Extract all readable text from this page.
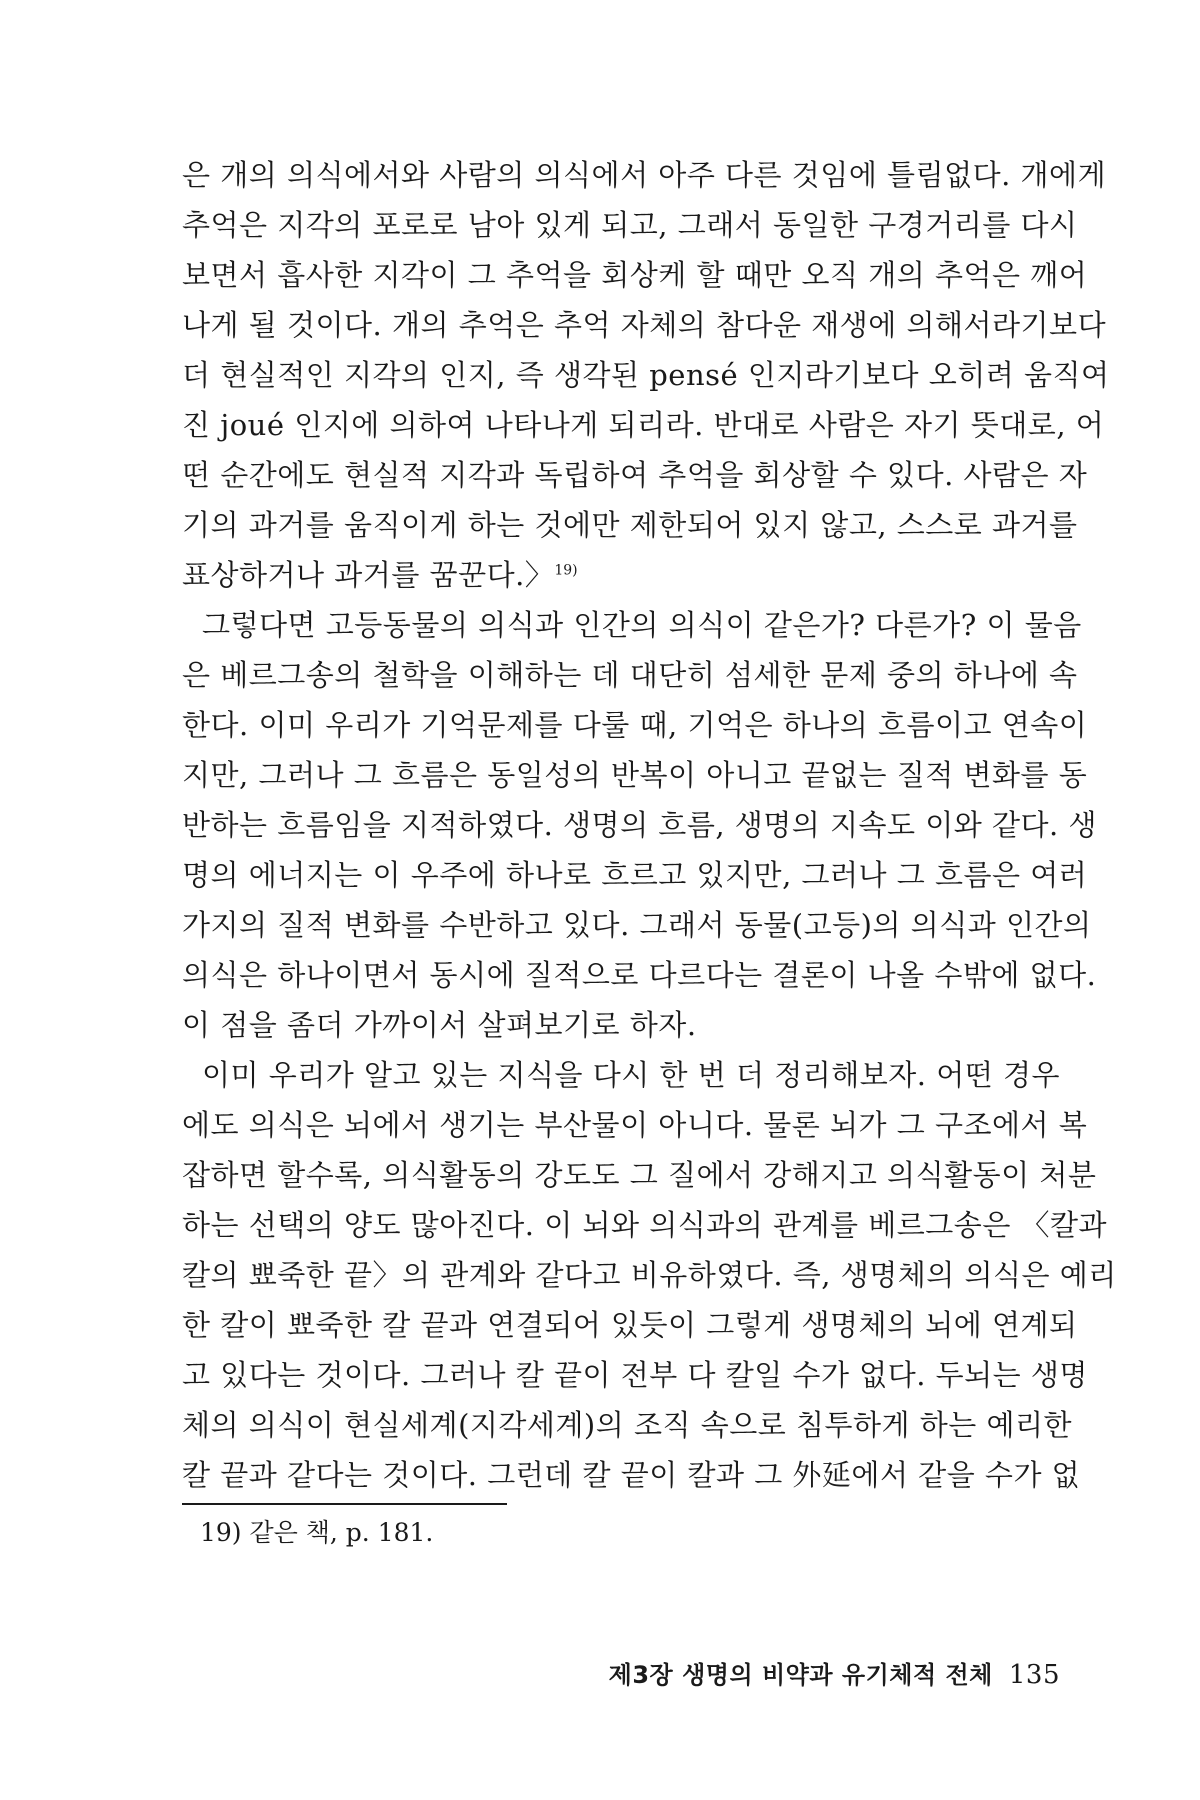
은 개의 의식에서와 사람의 의식에서 아주 다른 것임에 틀림없다. 개에게
추억은 지각의 포로로 남아 있게 되고, 그래서 동일한 구경거리를 다시
보면서 흡사한 지각이 그 추억을 회상케 할 때만 오직 개의 추억은 깨어
나게 될 것이다. 개의 추억은 추억 자체의 참다운 재생에 의해서라기보다
더 현실적인 지각의 인지, 즉 생각된 pensé 인지라기보다 오히려 움직여
진 joué 인지에 의하여 나타나게 되리라. 반대로 사람은 자기 뜻대로, 어
떤 순간에도 현실적 지각과 독립하여 추억을 회상할 수 있다. 사람은 자
기의 과거를 움직이게 하는 것에만 제한되어 있지 않고, 스스로 과거를
표상하거나 과거를 꿈꾼다.〉$^{19)}$
그렇다면 고등동물의 의식과 인간의 의식이 같은가? 다른가? 이 물음
은 베르그송의 철학을 이해하는 데 대단히 섬세한 문제 중의 하나에 속
한다. 이미 우리가 기억문제를 다룰 때, 기억은 하나의 흐름이고 연속이
지만, 그러나 그 흐름은 동일성의 반복이 아니고 끝없는 질적 변화를 동
반하는 흐름임을 지적하였다. 생명의 흐름, 생명의 지속도 이와 같다. 생
명의 에너지는 이 우주에 하나로 흐르고 있지만, 그러나 그 흐름은 여러
가지의 질적 변화를 수반하고 있다. 그래서 동물(고등)의 의식과 인간의
의식은 하나이면서 동시에 질적으로 다르다는 결론이 나올 수밖에 없다.
이 점을 좀더 가까이서 살펴보기로 하자.
이미 우리가 알고 있는 지식을 다시 한 번 더 정리해보자. 어떤 경우
에도 의식은 뇌에서 생기는 부산물이 아니다. 물론 뇌가 그 구조에서 복
잡하면 할수록, 의식활동의 강도도 그 질에서 강해지고 의식활동이 처분
하는 선택의 양도 많아진다. 이 뇌와 의식과의 관계를 베르그송은 〈칼과
칼의 뾰죽한 끝〉의 관계와 같다고 비유하였다. 즉, 생명체의 의식은 예리
한 칼이 뾰죽한 칼 끝과 연결되어 있듯이 그렇게 생명체의 뇌에 연계되
고 있다는 것이다. 그러나 칼 끝이 전부 다 칼일 수가 없다. 두뇌는 생명
체의 의식이 현실세계(지각세계)의 조직 속으로 침투하게 하는 예리한
칼 끝과 같다는 것이다. 그런데 칼 끝이 칼과 그 外延에서 같을 수가 없
19) 같은 책, p. 181.
제3장 생명의 비약과 유기체적 전체 135
